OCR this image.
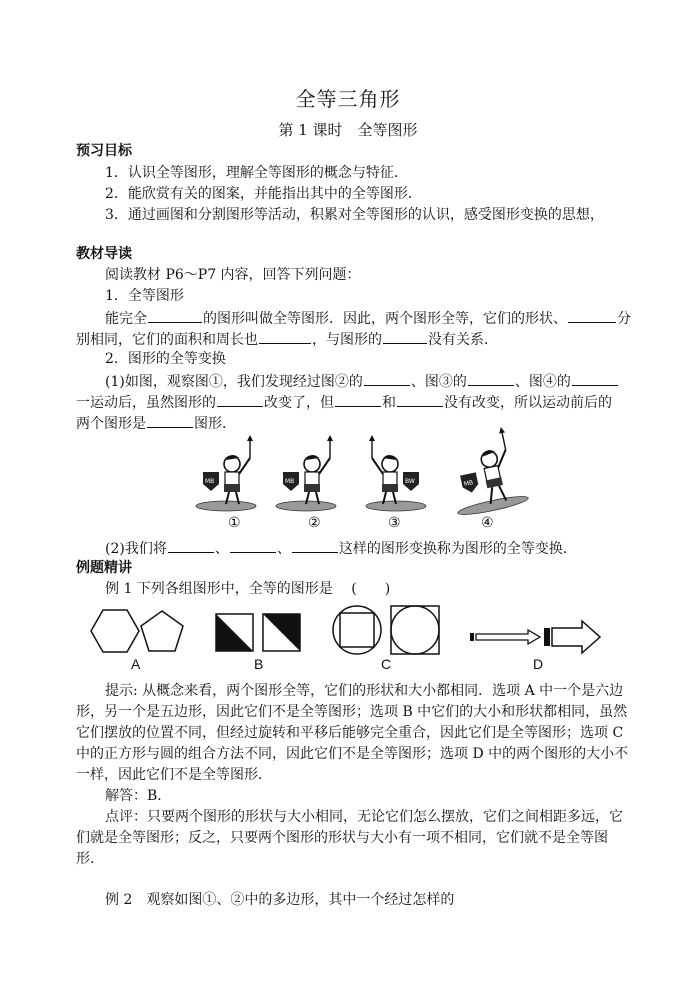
全等三角形
第 1 课时　全等图形
预习目标
1．认识全等图形，理解全等图形的概念与特征．
2．能欣赏有关的图案，并能指出其中的全等图形．
3．通过画图和分割图形等活动，积累对全等图形的认识，感受图形变换的思想，
教材导读
阅读教材 P6～P7 内容，回答下列问题：
1．全等图形
能完全	的图形叫做全等图形．因此，两个图形全等，它们的形状、	分
别相同，它们的面积和周长也	，与图形的	没有关系．
2．图形的全等变换
(1)如图，观察图①，我们发现经过图②的	、图③的	、图④的
一运动后，虽然图形的	改变了，但	和	没有改变，所以运动前后的
两个图形是	图形．
MB	MB	BW	MB
①	②	③	④
(2)我们将	、	、	这样的图形变换称为图形的全等变换．
例题精讲
例 1 下列各组图形中，全等的图形是　 (　　)
A	B	C	D
提示: 从概念来看，两个图形全等，它们的形状和大小都相同．选项 A 中一个是六边
形，另一个是五边形，因此它们不是全等图形；选项 B 中它们的大小和形状都相同，虽然
它们摆放的位置不同，但经过旋转和平移后能够完全重合，因此它们是全等图形；选项 C
中的正方形与圆的组合方法不同，因此它们不是全等图形；选项 D 中的两个图形的大小不
一样，因此它们不是全等图形．
解答：B．
点评：只要两个图形的形状与大小相同，无论它们怎么摆放，它们之间相距多远，它
们就是全等图形；反之，只要两个图形的形状与大小有一项不相同，它们就不是全等图
形．
例 2　观察如图①、②中的多边形，其中一个经过怎样的
